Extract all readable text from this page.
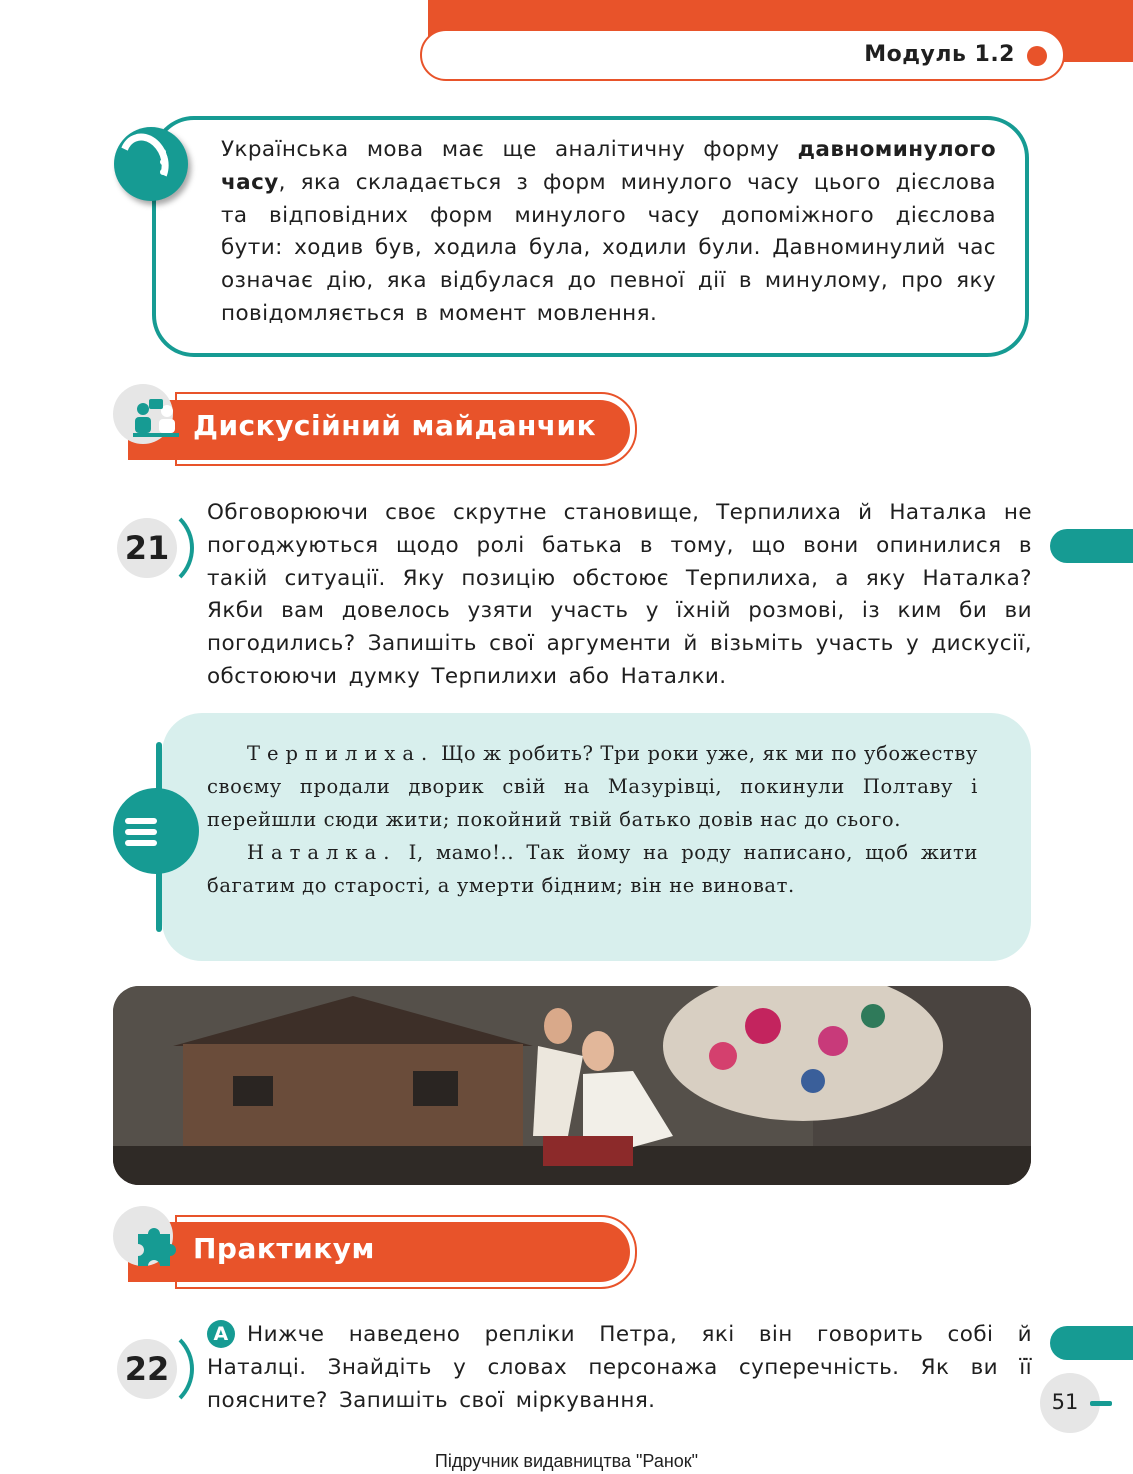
Модуль 1.2
Українська мова має ще аналітичну форму давноминулого часу, яка складається з форм минулого часу цього дієслова та відповідних форм минулого часу допоміжного дієслова бути: ходив був, ходила була, ходили були. Давноминулий час означає дію, яка відбулася до певної дії в минулому, про яку повідомляється в момент мовлення.
Дискусійний майданчик
21
Обговорюючи своє скрутне становище, Терпилиха й Наталка не погоджуються щодо ролі батька в тому, що вони опинилися в такій ситуації. Яку позицію обстоює Терпилиха, а яку Наталка? Якби вам довелось узяти участь у їхній розмові, із ким би ви погодились? Запишіть свої аргументи й візьміть участь у дискусії, обстоюючи думку Терпилихи або Наталки.

Терпилиха. Що ж робить? Три роки уже, як ми по убожеству своєму продали дворик свій на Мазурівці, покинули Полтаву і перейшли сюди жити; покойний твій батько довів нас до сього.

Наталка. І, мамо!.. Так йому на роду написано, щоб жити багатим до старості, а умерти бідним; він не виноват.

Практикум
22
А Нижче наведено репліки Петра, які він говорить собі й Наталці. Знайдіть у словах персонажа суперечність. Як ви її поясните? Запишіть свої міркування.	51
Підручник видавництва "Ранок"
